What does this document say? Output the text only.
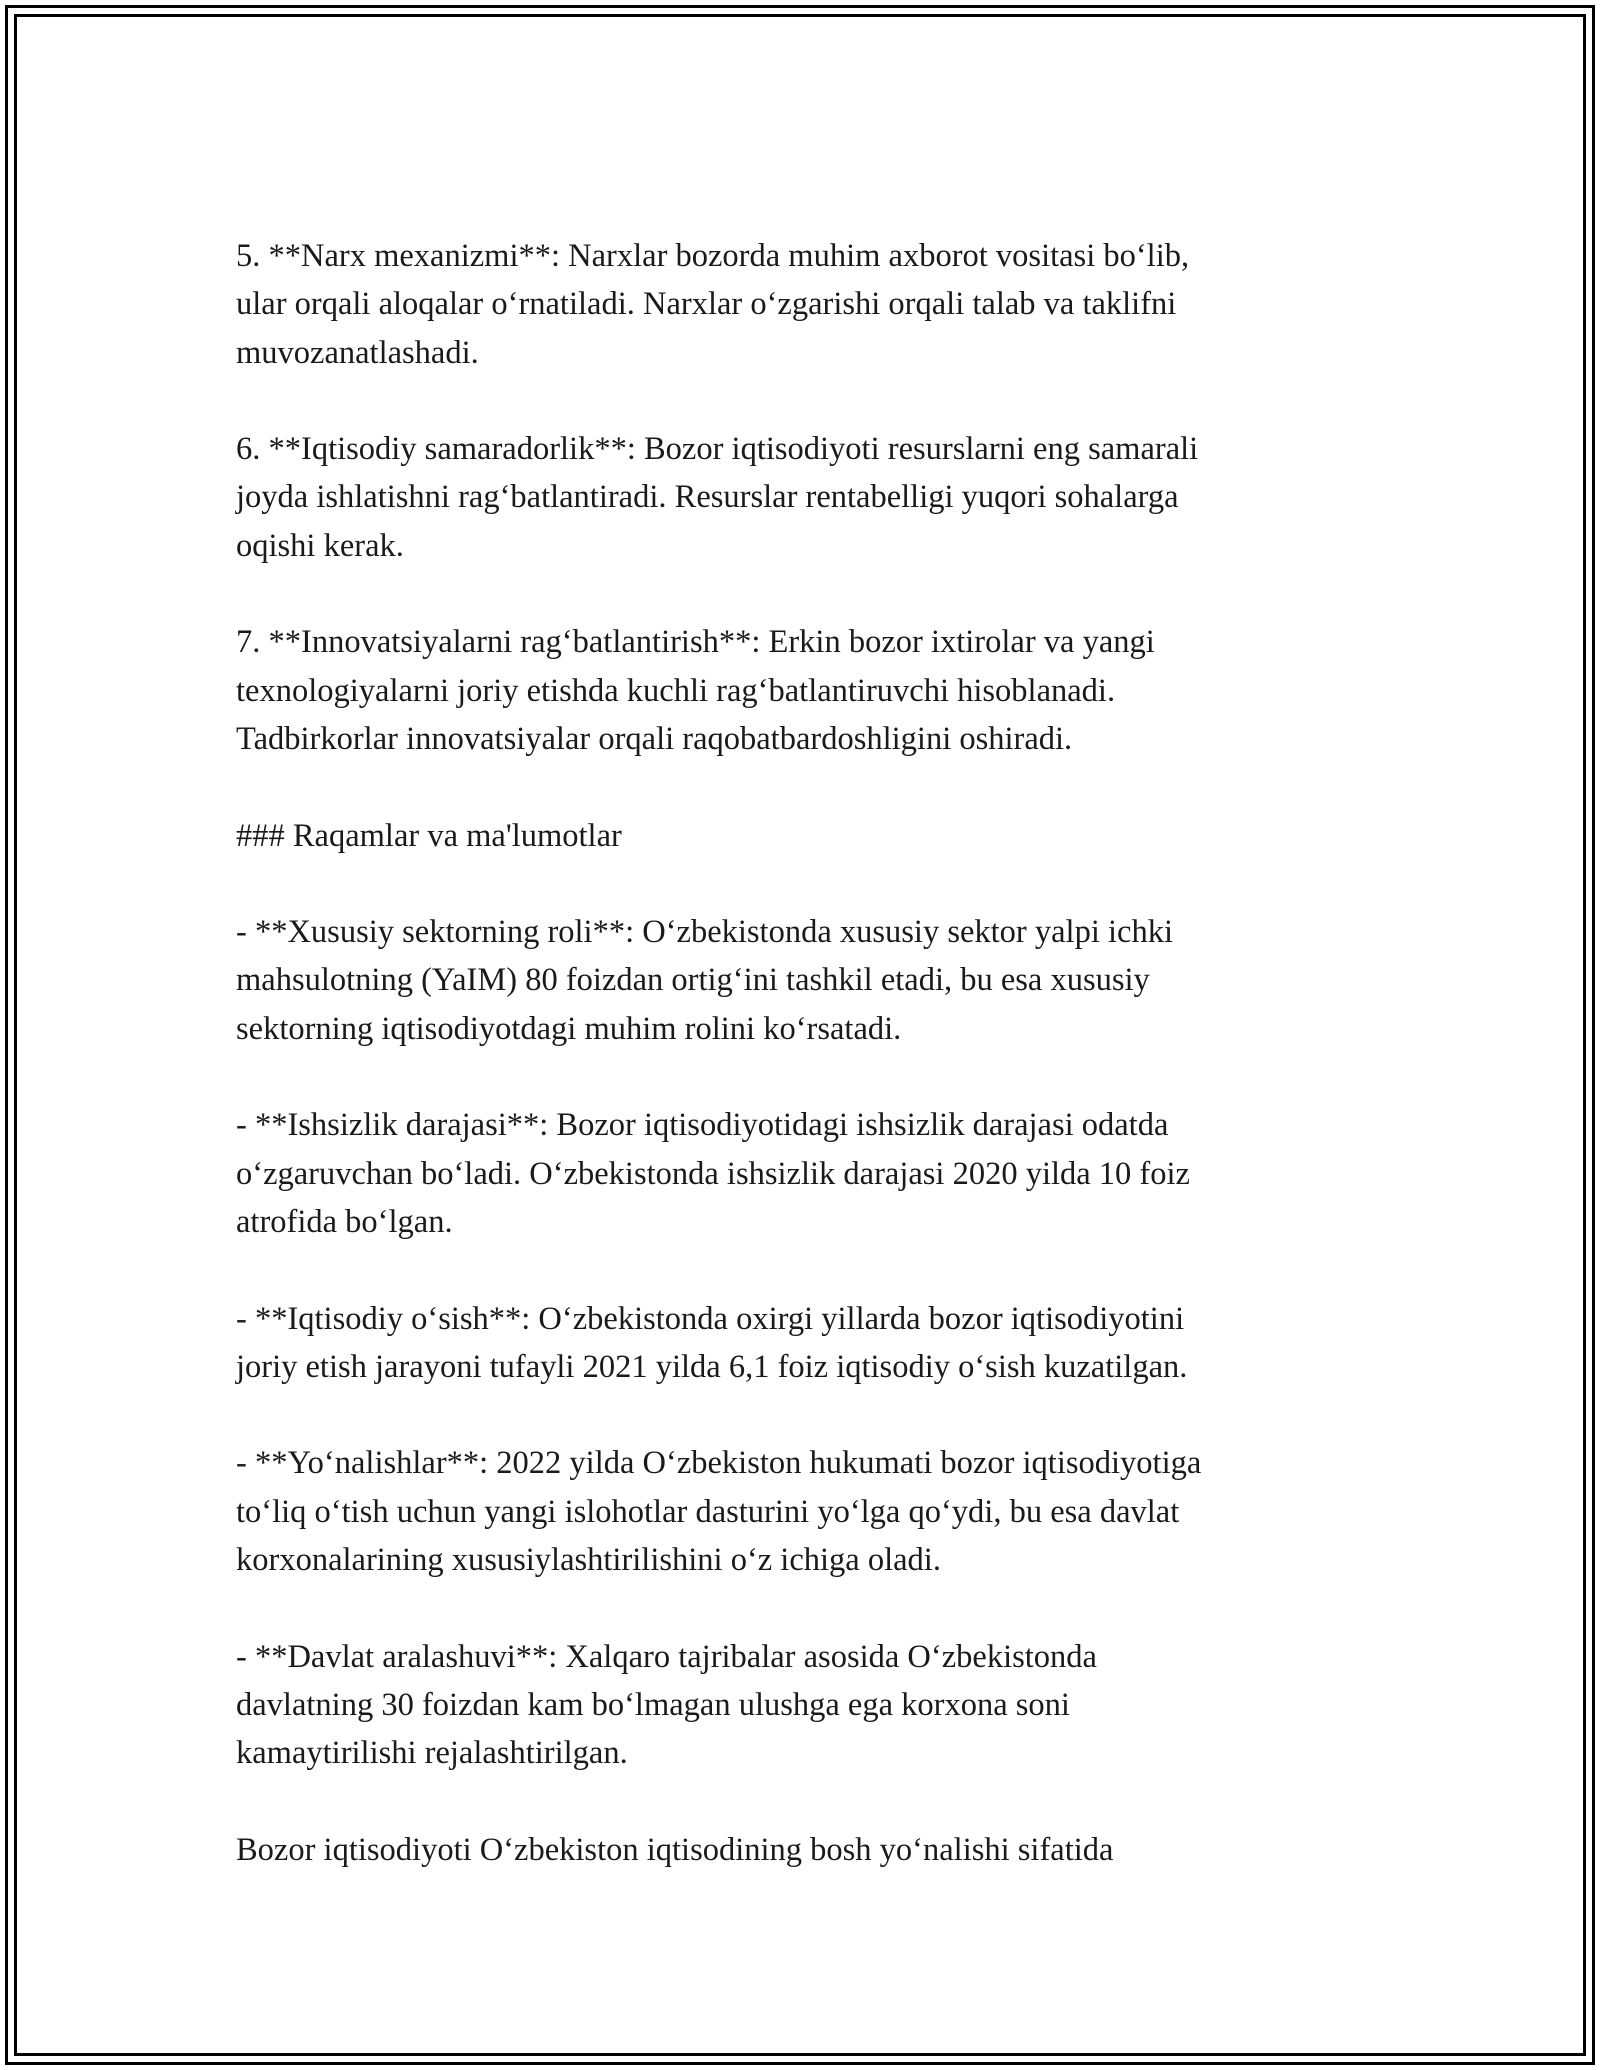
5. **Narx mexanizmi**: Narxlar bozorda muhim axborot vositasi bo‘lib,
ular orqali aloqalar o‘rnatiladi. Narxlar o‘zgarishi orqali talab va taklifni
muvozanatlashadi.
6. **Iqtisodiy samaradorlik**: Bozor iqtisodiyoti resurslarni eng samarali
joyda ishlatishni rag‘batlantiradi. Resurslar rentabelligi yuqori sohalarga
oqishi kerak.
7. **Innovatsiyalarni rag‘batlantirish**: Erkin bozor ixtirolar va yangi
texnologiyalarni joriy etishda kuchli rag‘batlantiruvchi hisoblanadi.
Tadbirkorlar innovatsiyalar orqali raqobatbardoshligini oshiradi.
### Raqamlar va ma'lumotlar
- **Xususiy sektorning roli**: O‘zbekistonda xususiy sektor yalpi ichki
mahsulotning (YaIM) 80 foizdan ortig‘ini tashkil etadi, bu esa xususiy
sektorning iqtisodiyotdagi muhim rolini ko‘rsatadi.
- **Ishsizlik darajasi**: Bozor iqtisodiyotidagi ishsizlik darajasi odatda
o‘zgaruvchan bo‘ladi. O‘zbekistonda ishsizlik darajasi 2020 yilda 10 foiz
atrofida bo‘lgan.
- **Iqtisodiy o‘sish**: O‘zbekistonda oxirgi yillarda bozor iqtisodiyotini
joriy etish jarayoni tufayli 2021 yilda 6,1 foiz iqtisodiy o‘sish kuzatilgan.
- **Yo‘nalishlar**: 2022 yilda O‘zbekiston hukumati bozor iqtisodiyotiga
to‘liq o‘tish uchun yangi islohotlar dasturini yo‘lga qo‘ydi, bu esa davlat
korxonalarining xususiylashtirilishini o‘z ichiga oladi.
- **Davlat aralashuvi**: Xalqaro tajribalar asosida O‘zbekistonda
davlatning 30 foizdan kam bo‘lmagan ulushga ega korxona soni
kamaytirilishi rejalashtirilgan.
Bozor iqtisodiyoti O‘zbekiston iqtisodining bosh yo‘nalishi sifatida
